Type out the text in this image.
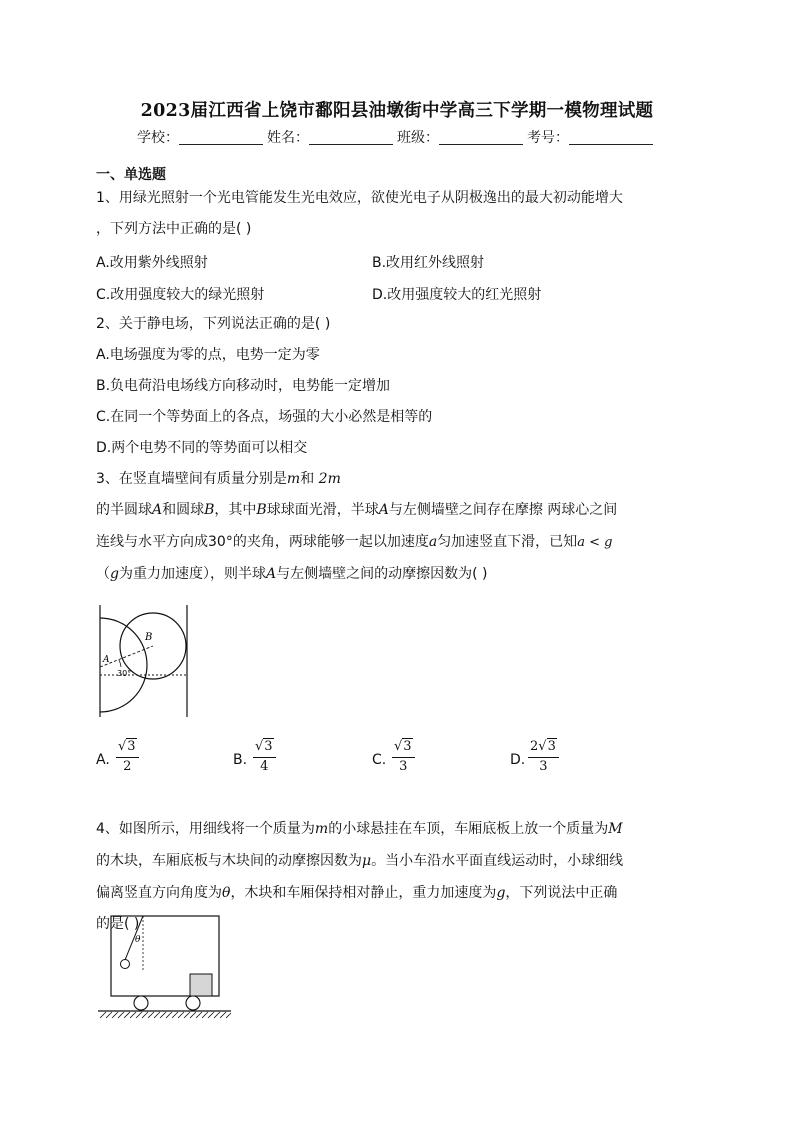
2023届江西省上饶市鄱阳县油墩街中学高三下学期一模物理试题
学校：	姓名：	班级：	考号：
一、单选题
1、用绿光照射一个光电管能发生光电效应，欲使光电子从阴极逸出的最大初动能增大
，下列方法中正确的是( )
A.改用紫外线照射	B.改用红外线照射
C.改用强度较大的绿光照射	D.改用强度较大的红光照射
2、关于静电场，下列说法正确的是( )
A.电场强度为零的点，电势一定为零
B.负电荷沿电场线方向移动时，电势能一定增加
C.在同一个等势面上的各点，场强的大小必然是相等的
D.两个电势不同的等势面可以相交
3、在竖直墙壁间有质量分别是m和 2m
的半圆球A和圆球B，其中B球球面光滑，半球A与左侧墙壁之间存在摩擦 两球心之间
连线与水平方向成30°的夹角，两球能够一起以加速度a匀加速竖直下滑，已知a < g
（g为重力加速度），则半球A与左侧墙壁之间的动摩擦因数为( )
A
B
30°
A. $\frac{√3}{2}$	B. $\frac{√3}{4}$	C. $\frac{√3}{3}$	D. $\frac{2√3}{3}$
4、如图所示，用细线将一个质量为m的小球悬挂在车顶，车厢底板上放一个质量为M
的木块，车厢底板与木块间的动摩擦因数为μ。当小车沿水平面直线运动时，小球细线
偏离竖直方向角度为θ，木块和车厢保持相对静止，重力加速度为g，下列说法中正确
的是( )
θ
